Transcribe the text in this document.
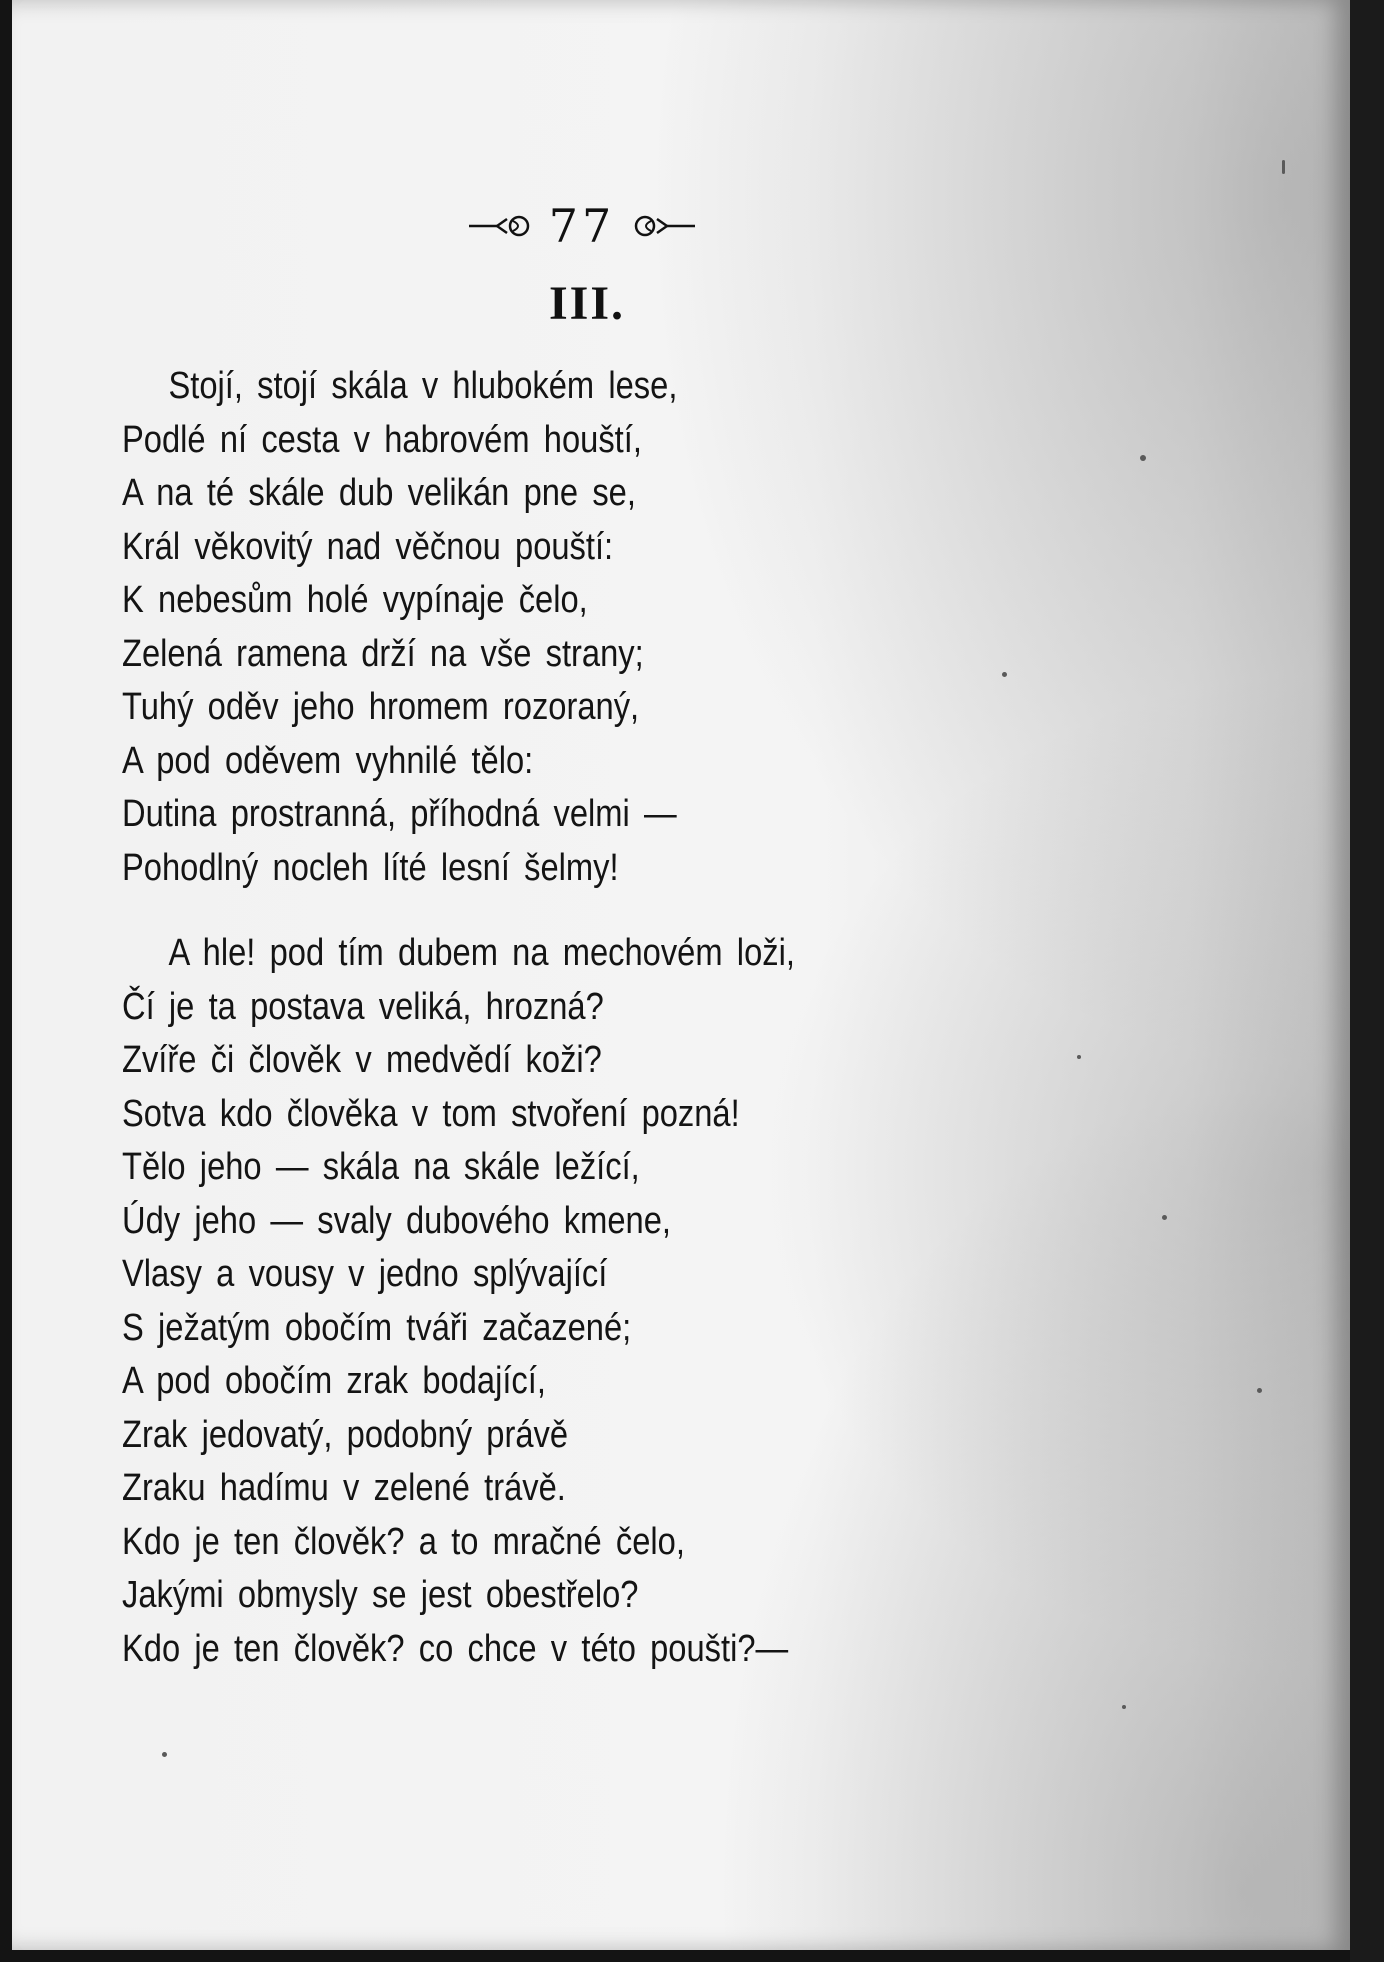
77
III.
Stojí, stojí skála v hlubokém lese,
Podlé ní cesta v habrovém houští,
A na té skále dub velikán pne se,
Král věkovitý nad věčnou pouští:
K nebesům holé vypínaje čelo,
Zelená ramena drží na vše strany;
Tuhý oděv jeho hromem rozoraný,
A pod oděvem vyhnilé tělo:
Dutina prostranná, příhodná velmi —
Pohodlný nocleh líté lesní šelmy!
A hle! pod tím dubem na mechovém loži,
Čí je ta postava veliká, hrozná?
Zvíře či člověk v medvědí koži?
Sotva kdo člověka v tom stvoření pozná!
Tělo jeho — skála na skále ležící,
Údy jeho — svaly dubového kmene,
Vlasy a vousy v jedno splývající
S ježatým obočím tváři začazené;
A pod obočím zrak bodající,
Zrak jedovatý, podobný právě
Zraku hadímu v zelené trávě.
Kdo je ten člověk? a to mračné čelo,
Jakými obmysly se jest obestřelo?
Kdo je ten člověk? co chce v této poušti?—
